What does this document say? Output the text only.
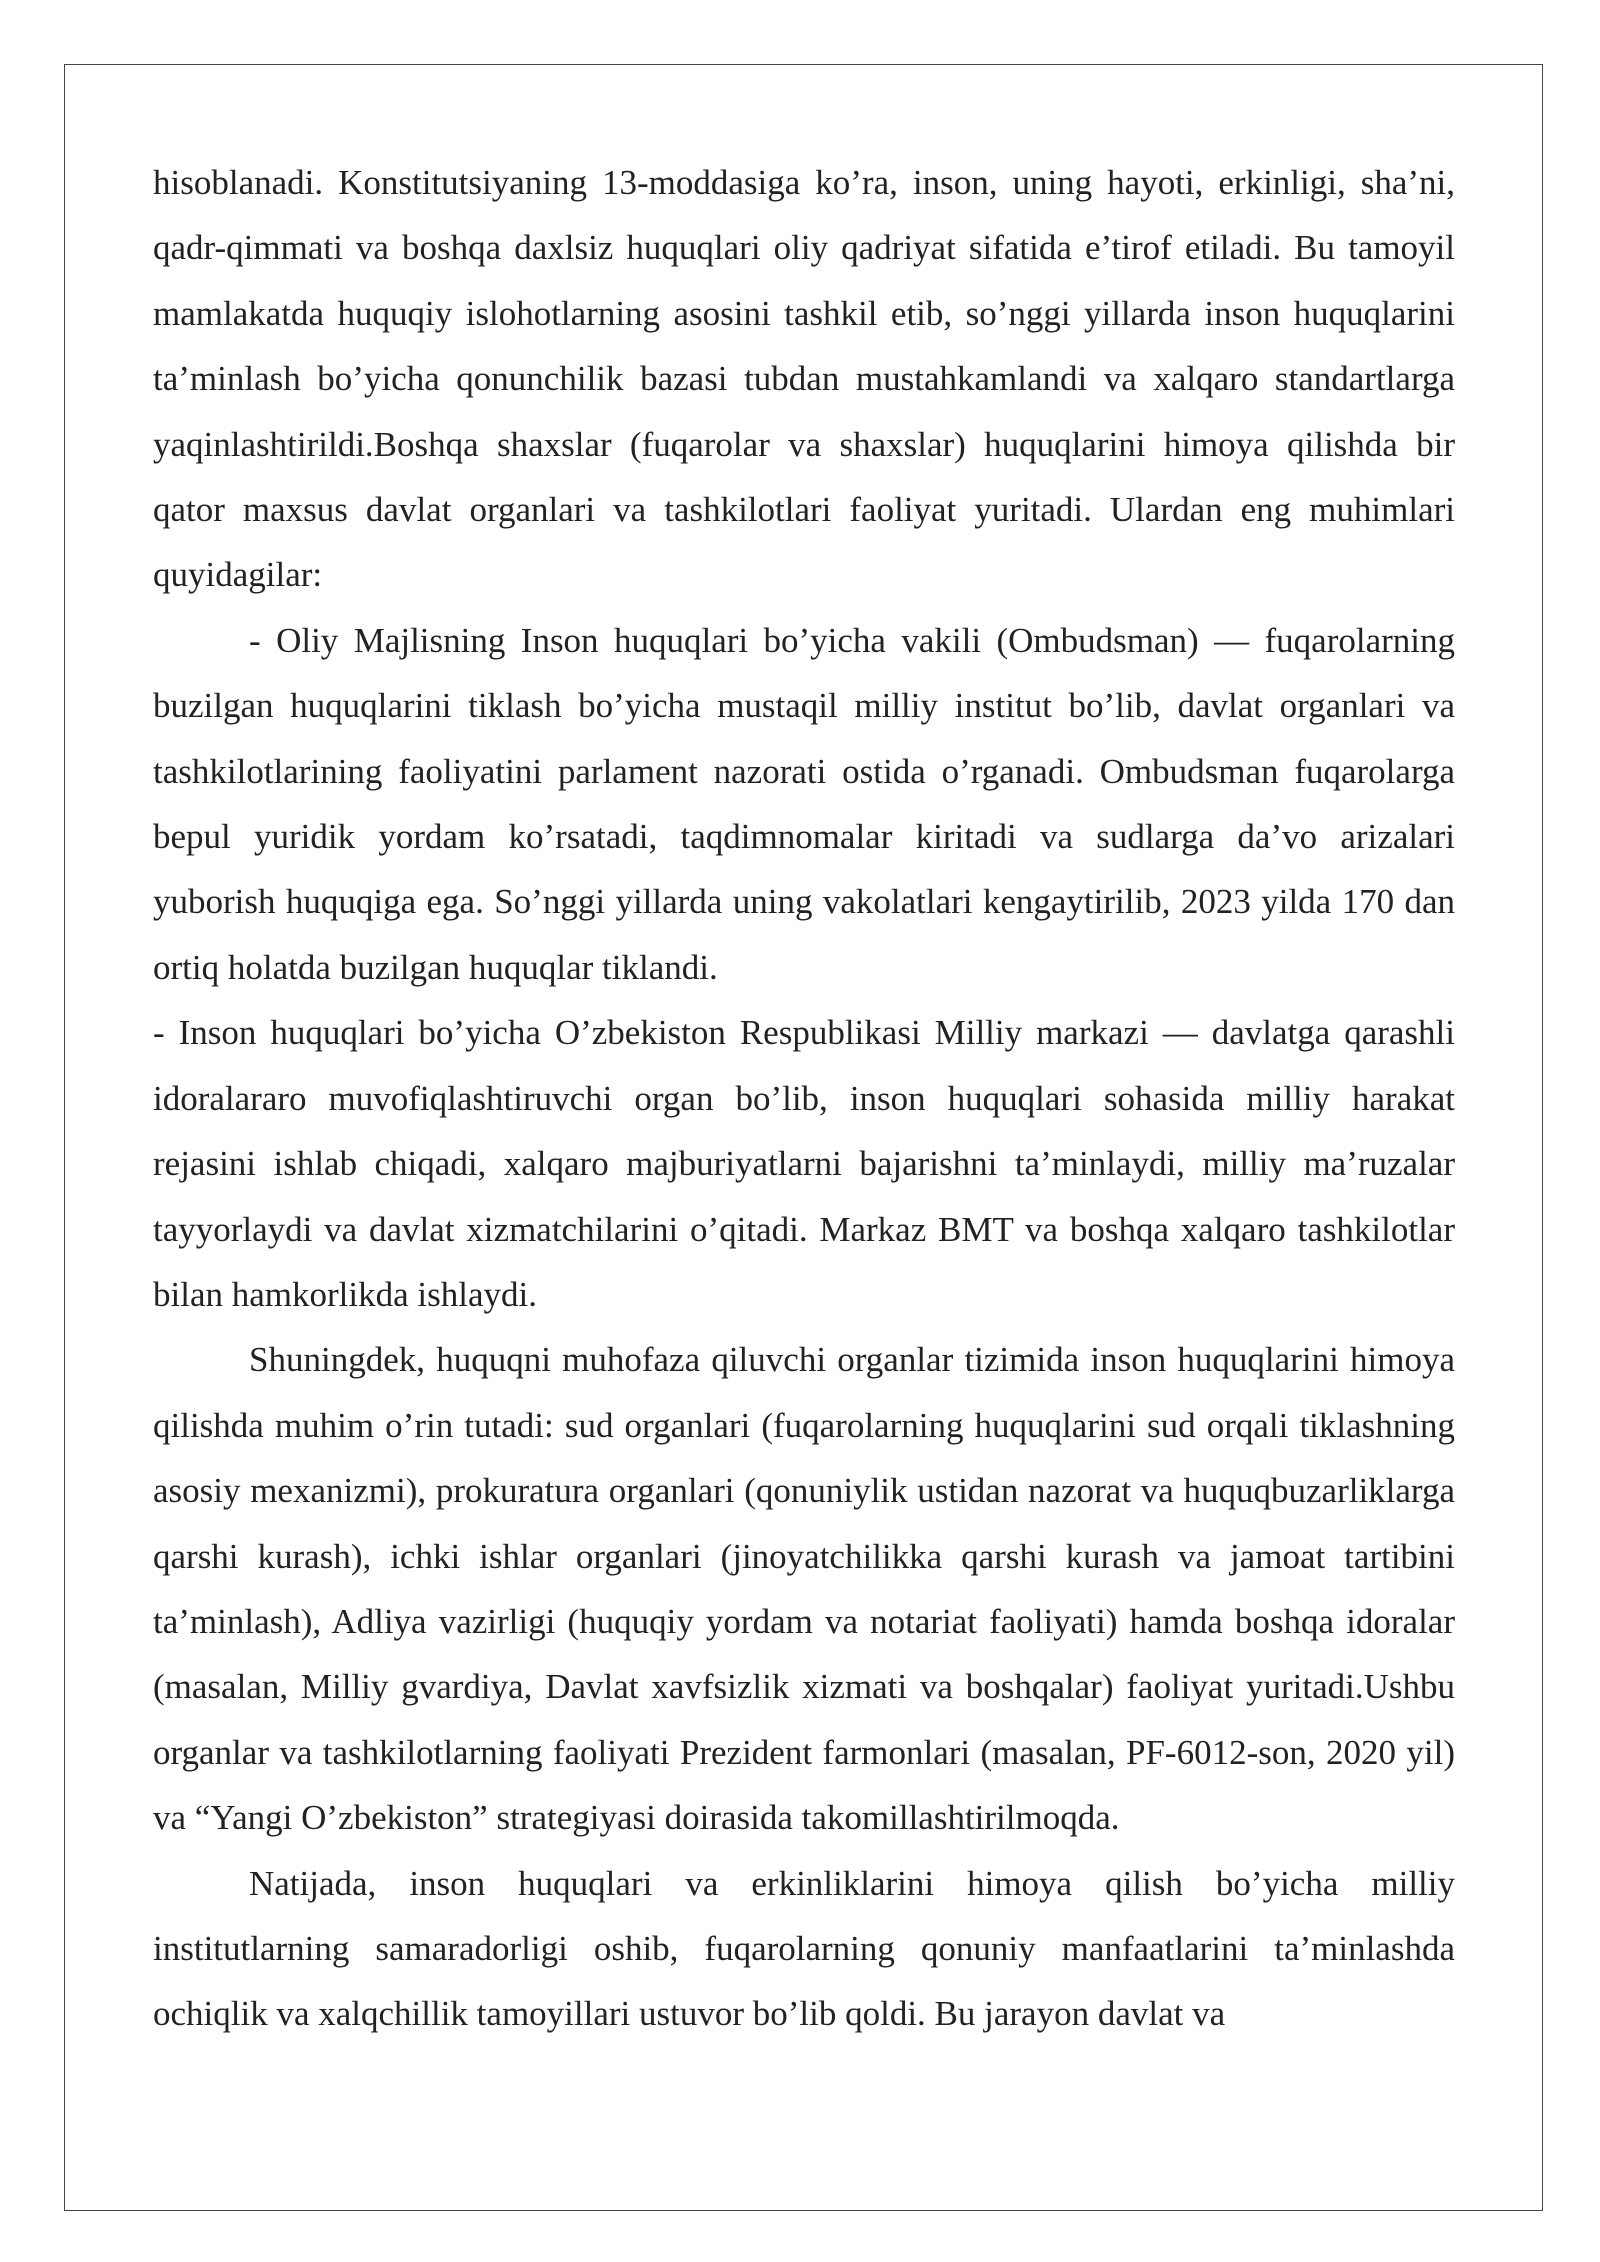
hisoblanadi. Konstitutsiyaning 13-moddasiga ko’ra, inson, uning hayoti, erkinligi, sha’ni, qadr-qimmati va boshqa daxlsiz huquqlari oliy qadriyat sifatida e’tirof etiladi. Bu tamoyil mamlakatda huquqiy islohotlarning asosini tashkil etib, so’nggi yillarda inson huquqlarini ta’minlash bo’yicha qonunchilik bazasi tubdan mustahkamlandi va xalqaro standartlarga yaqinlashtirildi.Boshqa shaxslar (fuqarolar va shaxslar) huquqlarini himoya qilishda bir qator maxsus davlat organlari va tashkilotlari faoliyat yuritadi. Ulardan eng muhimlari quyidagilar:

- Oliy Majlisning Inson huquqlari bo’yicha vakili (Ombudsman) — fuqarolarning buzilgan huquqlarini tiklash bo’yicha mustaqil milliy institut bo’lib, davlat organlari va tashkilotlarining faoliyatini parlament nazorati ostida o’rganadi. Ombudsman fuqarolarga bepul yuridik yordam ko’rsatadi, taqdimnomalar kiritadi va sudlarga da’vo arizalari yuborish huquqiga ega. So’nggi yillarda uning vakolatlari kengaytirilib, 2023 yilda 170 dan ortiq holatda buzilgan huquqlar tiklandi.

- Inson huquqlari bo’yicha O’zbekiston Respublikasi Milliy markazi — davlatga qarashli idoralararo muvofiqlashtiruvchi organ bo’lib, inson huquqlari sohasida milliy harakat rejasini ishlab chiqadi, xalqaro majburiyatlarni bajarishni ta’minlaydi, milliy ma’ruzalar tayyorlaydi va davlat xizmatchilarini o’qitadi. Markaz BMT va boshqa xalqaro tashkilotlar bilan hamkorlikda ishlaydi.

Shuningdek, huquqni muhofaza qiluvchi organlar tizimida inson huquqlarini himoya qilishda muhim o’rin tutadi: sud organlari (fuqarolarning huquqlarini sud orqali tiklashning asosiy mexanizmi), prokuratura organlari (qonuniylik ustidan nazorat va huquqbuzarliklarga qarshi kurash), ichki ishlar organlari (jinoyatchilikka qarshi kurash va jamoat tartibini ta’minlash), Adliya vazirligi (huquqiy yordam va notariat faoliyati) hamda boshqa idoralar (masalan, Milliy gvardiya, Davlat xavfsizlik xizmati va boshqalar) faoliyat yuritadi.Ushbu organlar va tashkilotlarning faoliyati Prezident farmonlari (masalan, PF-6012-son, 2020 yil) va “Yangi O’zbekiston” strategiyasi doirasida takomillashtirilmoqda.

Natijada, inson huquqlari va erkinliklarini himoya qilish bo’yicha milliy institutlarning samaradorligi oshib, fuqarolarning qonuniy manfaatlarini ta’minlashda ochiqlik va xalqchillik tamoyillari ustuvor bo’lib qoldi. Bu jarayon davlat va
